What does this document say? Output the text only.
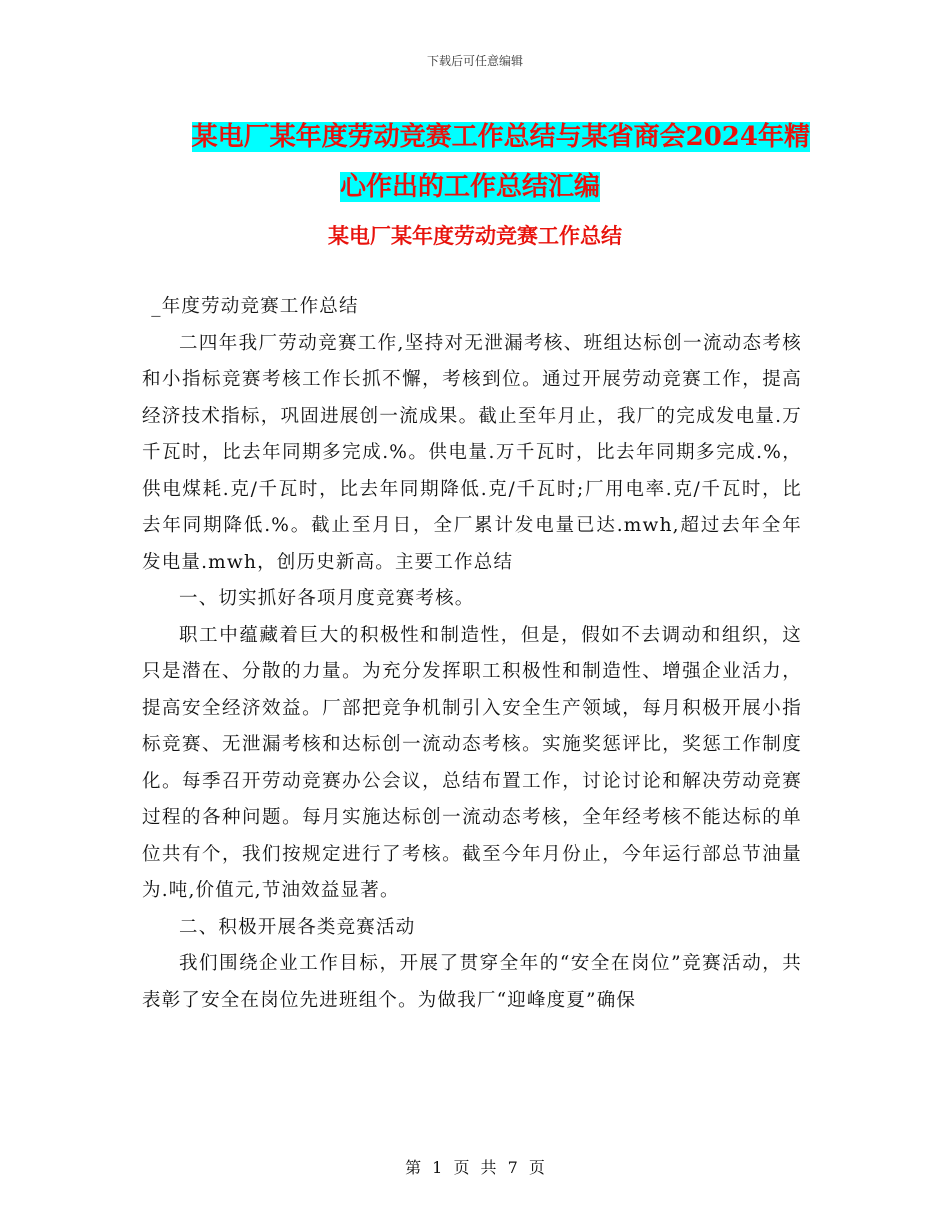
下载后可任意编辑
某电厂某年度劳动竞赛工作总结与某省商会2024年精
心作出的工作总结汇编
某电厂某年度劳动竞赛工作总结

_年度劳动竞赛工作总结

二四年我厂劳动竞赛工作,坚持对无泄漏考核、班组达标创一流动态考核和小指标竞赛考核工作长抓不懈，考核到位。通过开展劳动竞赛工作，提高经济技术指标，巩固进展创一流成果。截止至年月止，我厂的完成发电量.万千瓦时，比去年同期多完成.%。供电量.万千瓦时，比去年同期多完成.%，供电煤耗.克/千瓦时，比去年同期降低.克/千瓦时;厂用电率.克/千瓦时，比去年同期降低.%。截止至月日，全厂累计发电量已达.mwh,超过去年全年发电量.mwh，创历史新高。主要工作总结

一、切实抓好各项月度竞赛考核。

职工中蕴藏着巨大的积极性和制造性，但是，假如不去调动和组织，这只是潜在、分散的力量。为充分发挥职工积极性和制造性、增强企业活力，提高安全经济效益。厂部把竞争机制引入安全生产领域，每月积极开展小指标竞赛、无泄漏考核和达标创一流动态考核。实施奖惩评比，奖惩工作制度化。每季召开劳动竞赛办公会议，总结布置工作，讨论讨论和解决劳动竞赛过程的各种问题。每月实施达标创一流动态考核，全年经考核不能达标的单位共有个，我们按规定进行了考核。截至今年月份止，今年运行部总节油量为.吨,价值元,节油效益显著。

二、积极开展各类竞赛活动

我们围绕企业工作目标，开展了贯穿全年的“安全在岗位”竞赛活动，共表彰了安全在岗位先进班组个。为做我厂“迎峰度夏”确保

第 1 页 共 7 页
